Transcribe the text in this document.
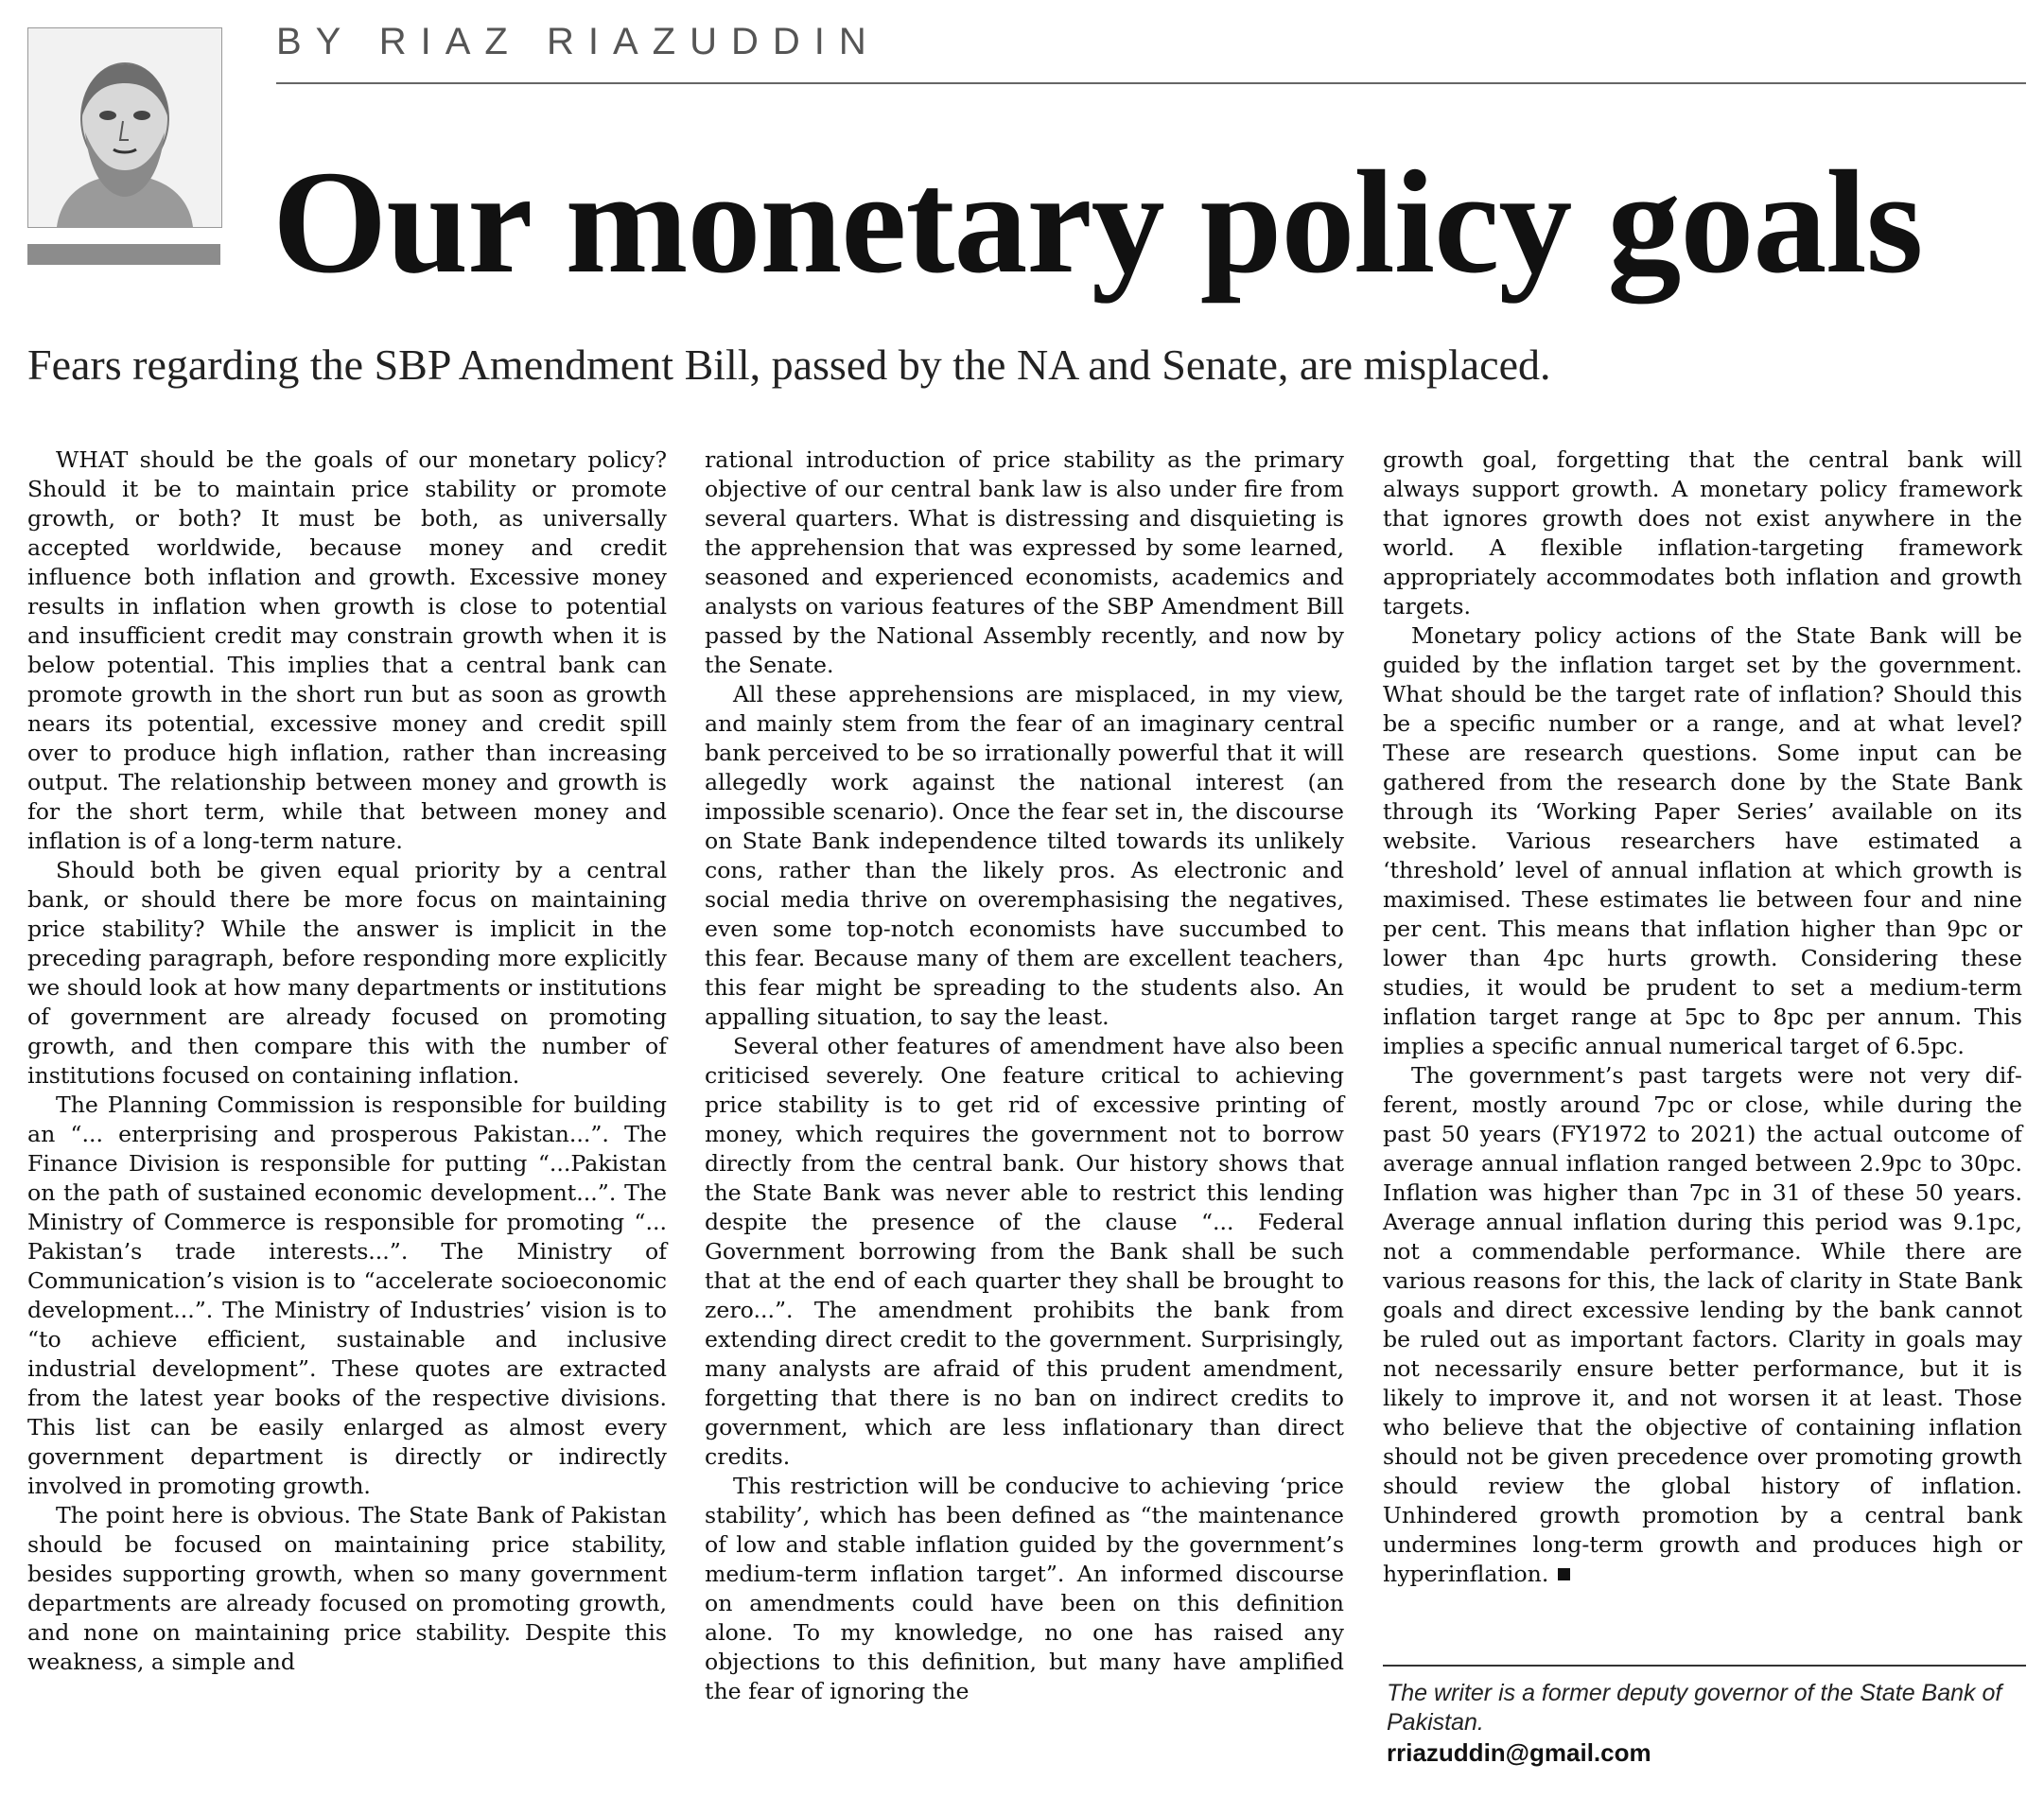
BY RIAZ RIAZUDDIN
Our monetary policy goals
Fears regarding the SBP Amendment Bill, passed by the NA and Senate, are misplaced.

WHAT should be the goals of our monetary policy? Should it be to maintain price stability or promote growth, or both? It must be both, as universally accepted worldwide, because money and credit influence both inflation and growth. Excessive money results in inflation when growth is close to potential and insufficient credit may constrain growth when it is below potential. This implies that a central bank can promote growth in the short run but as soon as growth nears its potential, excessive money and credit spill over to produce high inflation, rather than increasing output. The relationship between money and growth is for the short term, while that between money and inflation is of a long-term nature.

Should both be given equal priority by a central bank, or should there be more focus on maintaining price stability? While the answer is implicit in the preceding paragraph, before responding more explicitly we should look at how many departments or institutions of government are already focused on promoting growth, and then compare this with the number of institutions focused on containing inflation.

The Planning Commission is responsible for building an “... enterprising and prosperous Pakistan...”. The Finance Division is responsible for putting “...Pakistan on the path of sustained economic development...”. The Ministry of Commerce is responsible for promoting “... Pakistan’s trade interests...”. The Ministry of Communication’s vision is to “accelerate socioeconomic development...”. The Ministry of Industries’ vision is to “to achieve efficient, sustainable and inclusive industrial development”. These quotes are extracted from the latest year books of the respective divisions. This list can be easily enlarged as almost every government department is directly or indirectly involved in promoting growth.

The point here is obvious. The State Bank of Pakistan should be focused on maintaining price stability, besides supporting growth, when so many government departments are already focused on promoting growth, and none on maintaining price stability. Despite this weakness, a simple and

rational introduction of price stability as the primary objective of our central bank law is also under fire from several quarters. What is distressing and disquieting is the apprehension that was expressed by some learned, seasoned and experienced economists, academics and analysts on various features of the SBP Amendment Bill passed by the National Assembly recently, and now by the Senate.

All these apprehensions are misplaced, in my view, and mainly stem from the fear of an imaginary central bank perceived to be so irrationally powerful that it will allegedly work against the national interest (an impossible scenario). Once the fear set in, the discourse on State Bank independence tilted towards its unlikely cons, rather than the likely pros. As electronic and social media thrive on overemphasising the negatives, even some top-notch economists have succumbed to this fear. Because many of them are excellent teachers, this fear might be spreading to the students also. An appalling situation, to say the least.

Several other features of amendment have also been criticised severely. One feature critical to achieving price stability is to get rid of excessive printing of money, which requires the government not to borrow directly from the central bank. Our history shows that the State Bank was never able to restrict this lending despite the presence of the clause “... Federal Government borrowing from the Bank shall be such that at the end of each quarter they shall be brought to zero...”. The amendment prohibits the bank from extending direct credit to the government. Surprisingly, many analysts are afraid of this prudent amendment, forgetting that there is no ban on indirect credits to government, which are less inflationary than direct credits.

This restriction will be conducive to achieving ‘price stability’, which has been defined as “the maintenance of low and stable inflation guided by the government’s medium-term inflation target”. An informed discourse on amendments could have been on this definition alone. To my knowledge, no one has raised any objections to this definition, but many have amplified the fear of ignoring the

growth goal, forgetting that the central bank will always support growth. A monetary policy framework that ignores growth does not exist anywhere in the world. A flexible inflation-targeting framework appropriately accommodates both inflation and growth targets.

Monetary policy actions of the State Bank will be guided by the inflation target set by the government. What should be the target rate of inflation? Should this be a specific number or a range, and at what level? These are research questions. Some input can be gathered from the research done by the State Bank through its ‘Working Paper Series’ available on its website. Various researchers have estimated a ‘threshold’ level of annual inflation at which growth is maximised. These estimates lie between four and nine per cent. This means that inflation higher than 9pc or lower than 4pc hurts growth. Considering these studies, it would be prudent to set a medium-term inflation target range at 5pc to 8pc per annum. This implies a specific annual numerical target of 6.5pc.

The government’s past targets were not very different, mostly around 7pc or close, while during the past 50 years (FY1972 to 2021) the actual outcome of average annual inflation ranged between 2.9pc to 30pc. Inflation was higher than 7pc in 31 of these 50 years. Average annual inflation during this period was 9.1pc, not a commendable performance. While there are various reasons for this, the lack of clarity in State Bank goals and direct excessive lending by the bank cannot be ruled out as important factors. Clarity in goals may not necessarily ensure better performance, but it is likely to improve it, and not worsen it at least. Those who believe that the objective of containing inflation should not be given precedence over promoting growth should review the global history of inflation. Unhindered growth promotion by a central bank undermines long-term growth and produces high or hyperinflation.

The writer is a former deputy governor of the State Bank of Pakistan.
rriazuddin@gmail.com
